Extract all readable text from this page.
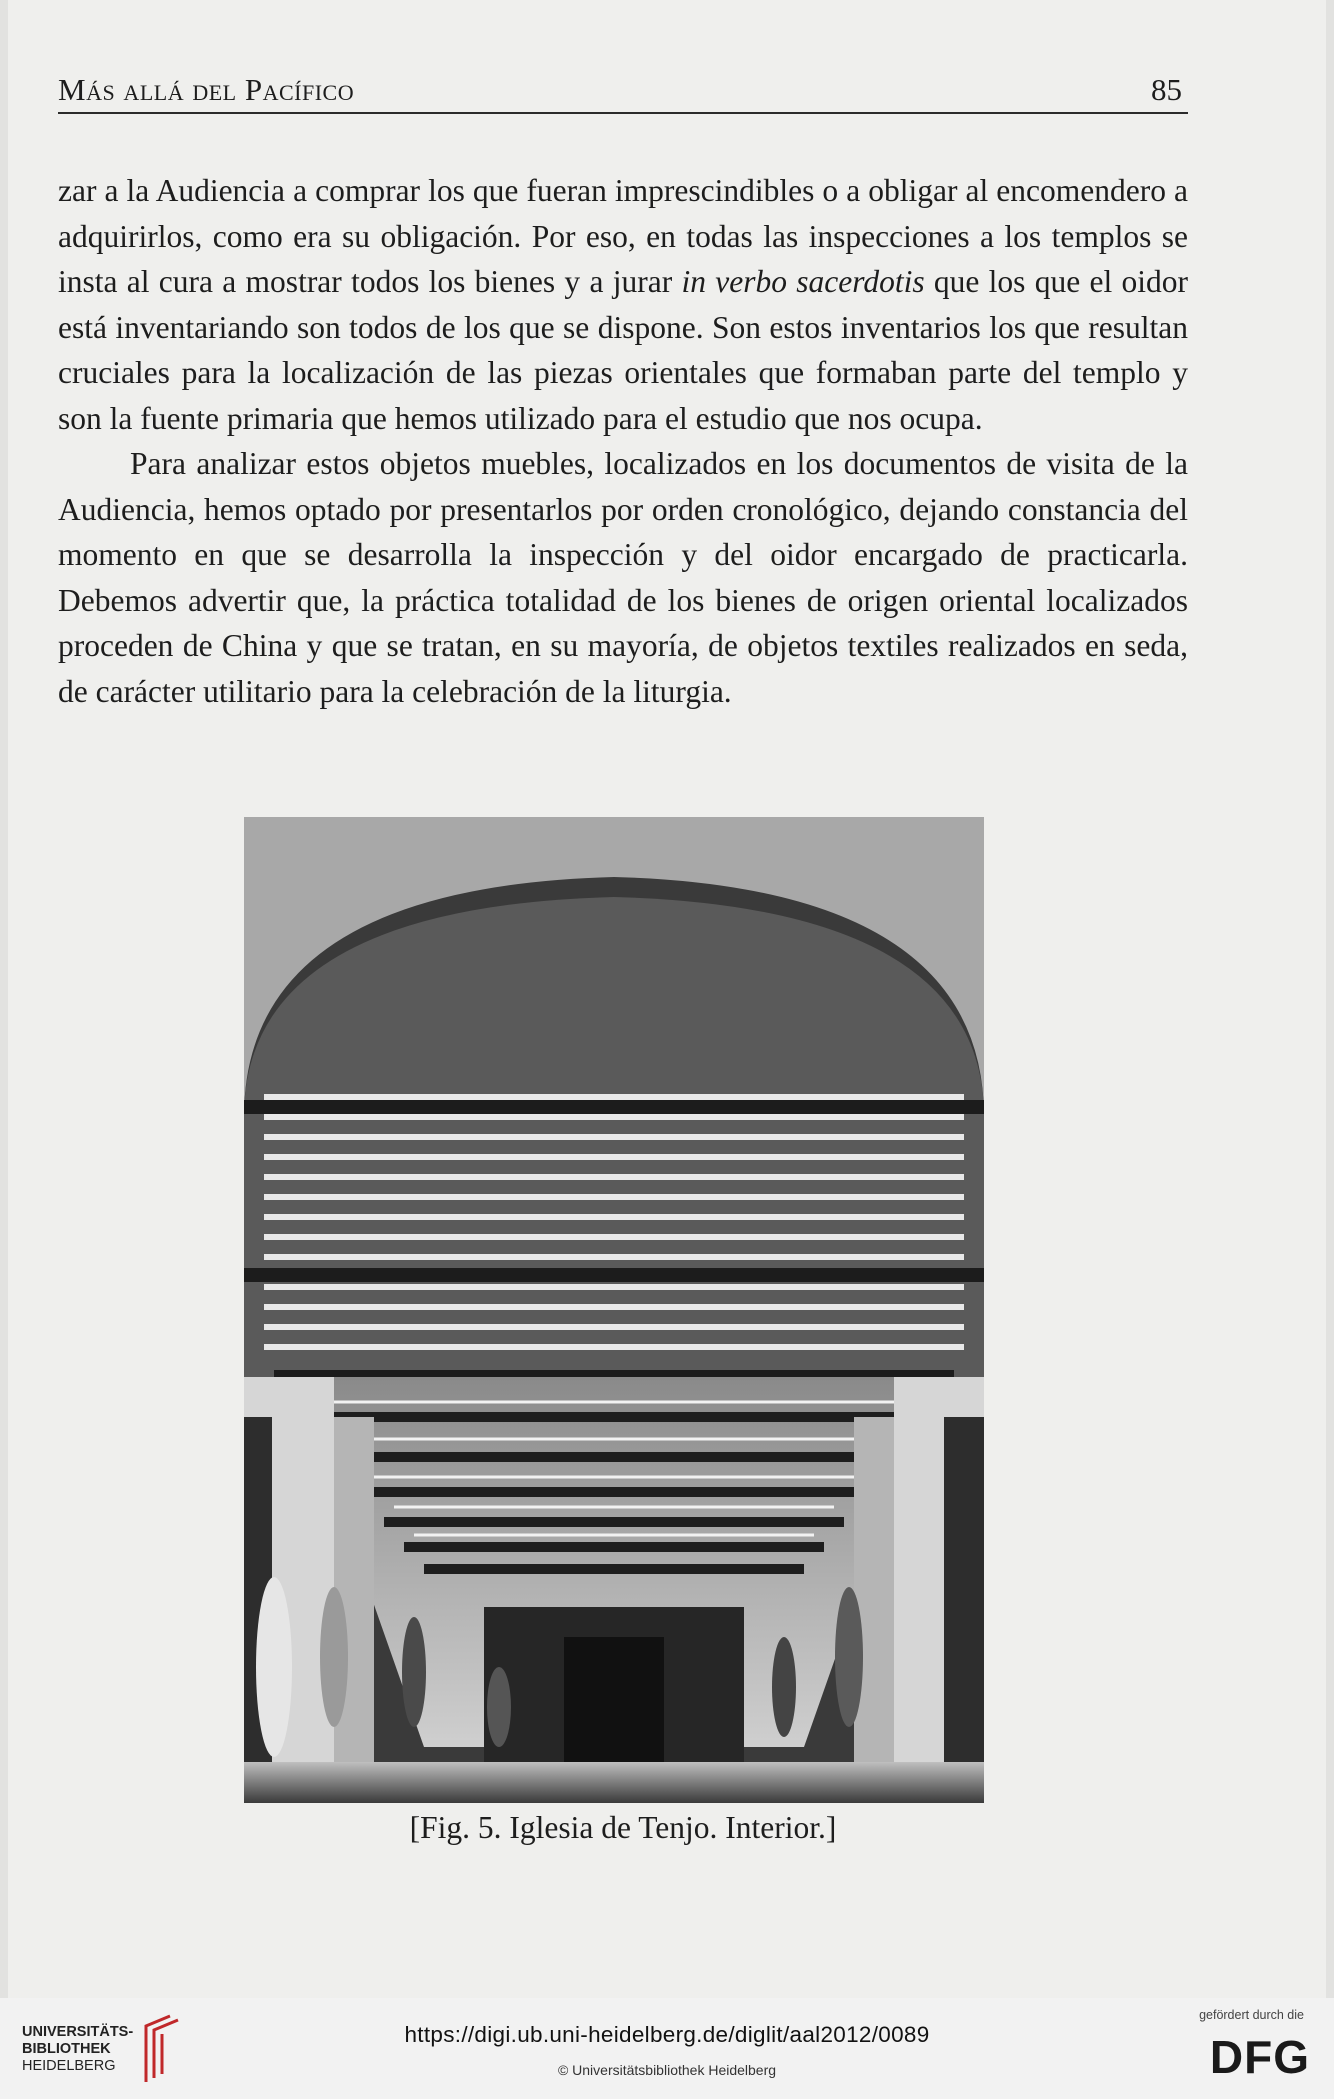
Más allá del Pacífico	85

zar a la Audiencia a comprar los que fueran imprescindibles o a obligar al encomendero a adquirirlos, como era su obligación. Por eso, en todas las inspecciones a los templos se insta al cura a mostrar todos los bienes y a jurar in verbo sacerdotis que los que el oidor está inventariando son todos de los que se dispone. Son estos inventarios los que resultan cruciales para la localización de las piezas orientales que formaban parte del templo y son la fuente primaria que hemos utilizado para el estudio que nos ocupa.

Para analizar estos objetos muebles, localizados en los documentos de visita de la Audiencia, hemos optado por presentarlos por orden cronológico, dejando constancia del momento en que se desarrolla la inspección y del oidor encargado de practicarla. Debemos advertir que, la práctica totalidad de los bienes de origen oriental localizados proceden de China y que se tratan, en su mayoría, de objetos textiles realizados en seda, de carácter utilitario para la celebración de la liturgia.

[Fig. 5. Iglesia de Tenjo. Interior.]
UNIVERSITÄTS-
BIBLIOTHEK
HEIDELBERG
https://digi.ub.uni-heidelberg.de/diglit/aal2012/0089
© Universitätsbibliothek Heidelberg
gefördert durch die
DFG
